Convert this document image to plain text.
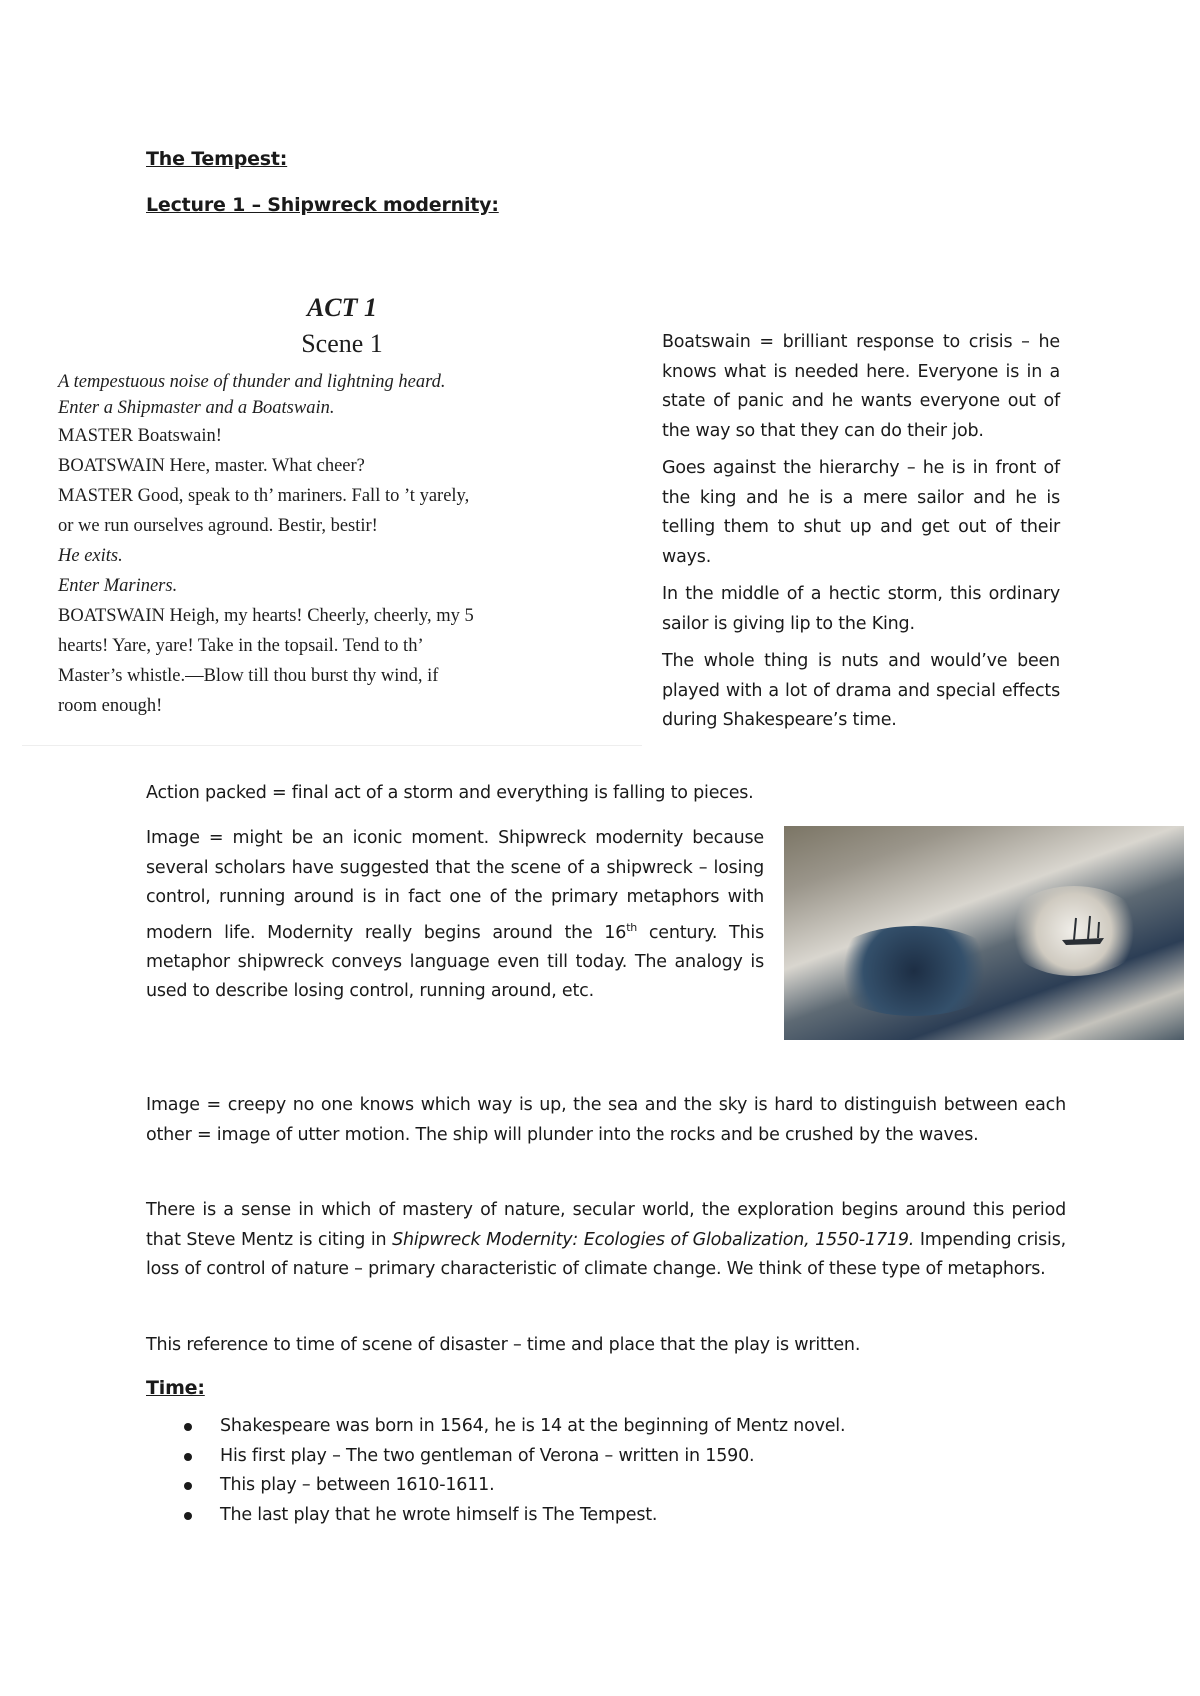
The Tempest:
Lecture 1 – Shipwreck modernity:

ACT 1

Scene 1

A tempestuous noise of thunder and lightning heard.
Enter a Shipmaster and a Boatswain.
MASTER Boatswain!
BOATSWAIN Here, master. What cheer?
MASTER Good, speak to th’ mariners. Fall to ’t yarely,
or we run ourselves aground. Bestir, bestir!
He exits.
Enter Mariners.
BOATSWAIN Heigh, my hearts! Cheerly, cheerly, my 5
hearts! Yare, yare! Take in the topsail. Tend to th’
Master’s whistle.—Blow till thou burst thy wind, if
room enough!

Boatswain = brilliant response to crisis – he knows what is needed here. Everyone is in a state of panic and he wants everyone out of the way so that they can do their job.

Goes against the hierarchy – he is in front of the king and he is a mere sailor and he is telling them to shut up and get out of their ways.

In the middle of a hectic storm, this ordinary sailor is giving lip to the King.

The whole thing is nuts and would’ve been played with a lot of drama and special effects during Shakespeare’s time.

Action packed = final act of a storm and everything is falling to pieces.

Image = might be an iconic moment. Shipwreck modernity because several scholars have suggested that the scene of a shipwreck – losing control, running around is in fact one of the primary metaphors with modern life. Modernity really begins around the 16th century. This metaphor shipwreck conveys language even till today. The analogy is used to describe losing control, running around, etc.

Image = creepy no one knows which way is up, the sea and the sky is hard to distinguish between each other = image of utter motion. The ship will plunder into the rocks and be crushed by the waves.

There is a sense in which of mastery of nature, secular world, the exploration begins around this period that Steve Mentz is citing in Shipwreck Modernity: Ecologies of Globalization, 1550-1719. Impending crisis, loss of control of nature – primary characteristic of climate change. We think of these type of metaphors.

This reference to time of scene of disaster – time and place that the play is written.

Time:
Shakespeare was born in 1564, he is 14 at the beginning of Mentz novel.
His first play – The two gentleman of Verona – written in 1590.
This play – between 1610-1611.
The last play that he wrote himself is The Tempest.
